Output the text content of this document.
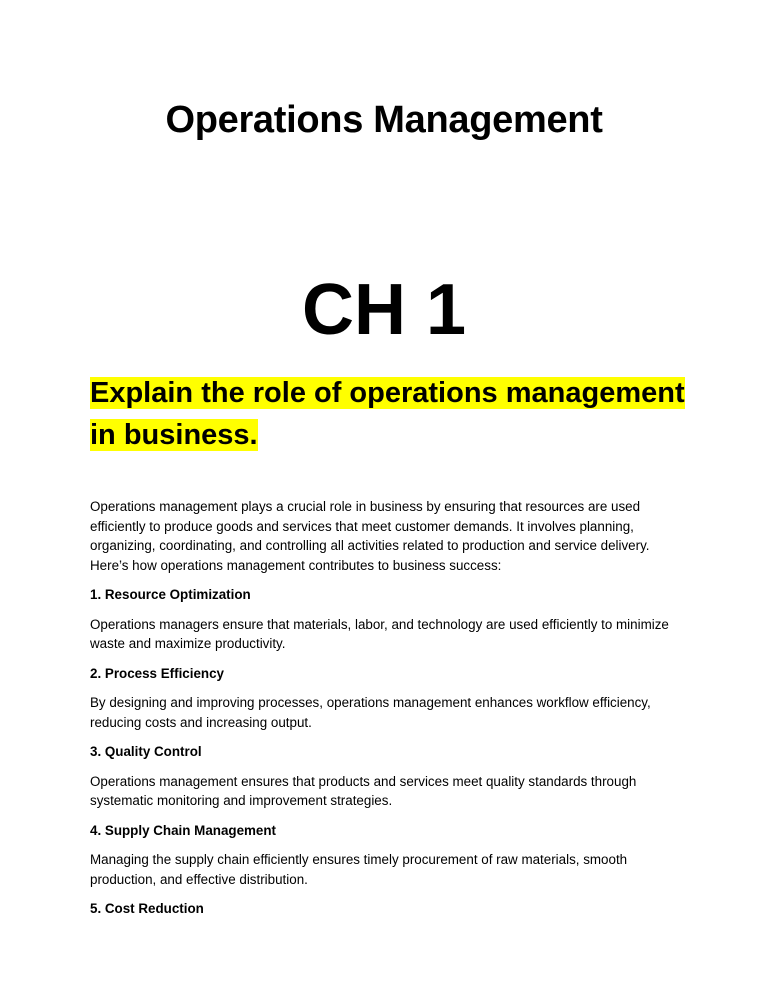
Operations Management
CH 1
Explain the role of operations management in business.

Operations management plays a crucial role in business by ensuring that resources are used efficiently to produce goods and services that meet customer demands. It involves planning, organizing, coordinating, and controlling all activities related to production and service delivery. Here’s how operations management contributes to business success:

1. Resource Optimization

Operations managers ensure that materials, labor, and technology are used efficiently to minimize waste and maximize productivity.

2. Process Efficiency

By designing and improving processes, operations management enhances workflow efficiency, reducing costs and increasing output.

3. Quality Control

Operations management ensures that products and services meet quality standards through systematic monitoring and improvement strategies.

4. Supply Chain Management

Managing the supply chain efficiently ensures timely procurement of raw materials, smooth production, and effective distribution.

5. Cost Reduction
